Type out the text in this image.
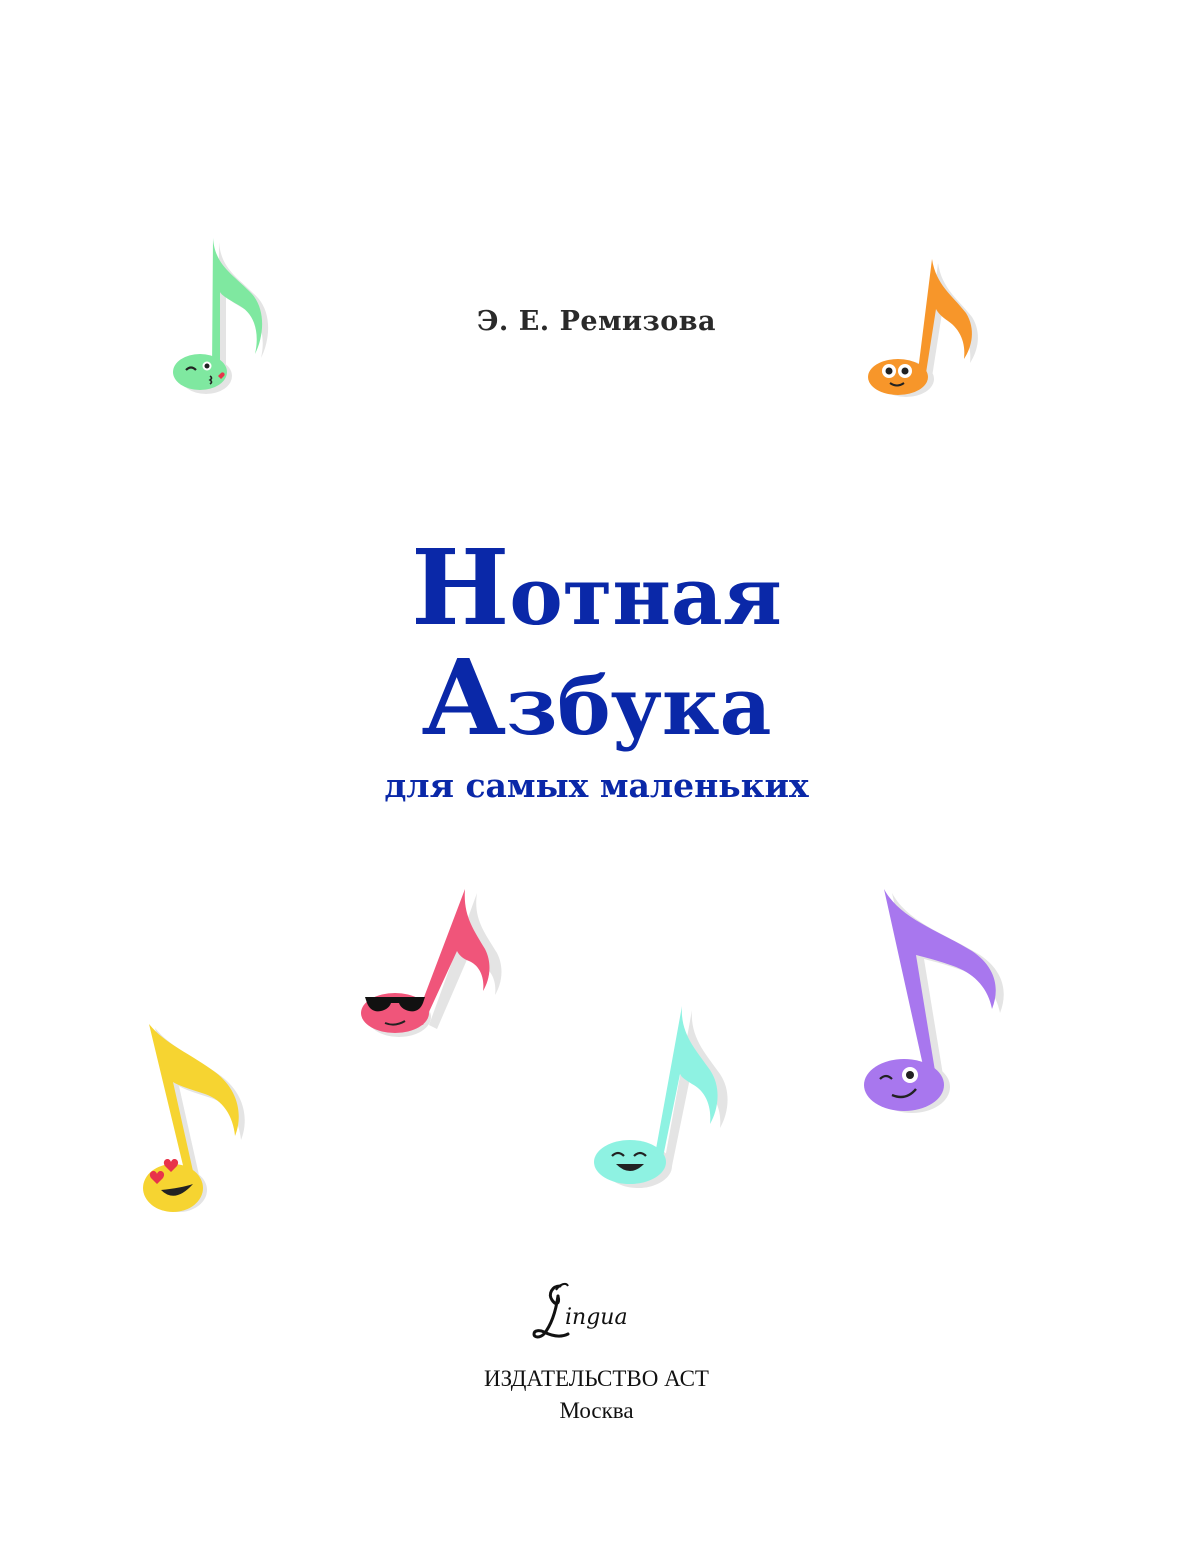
Э. Е. Ремизова
Нотная
Азбука
для самых маленьких
ingua
ИЗДАТЕЛЬСТВО АСТ
Москва
